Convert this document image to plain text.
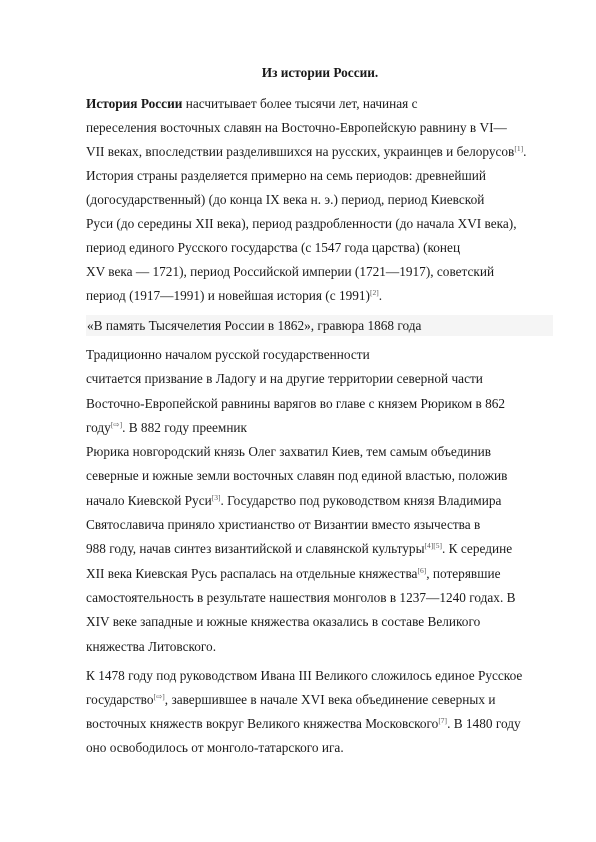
Из истории России.
История России насчитывает более тысячи лет, начиная с
переселения восточных славян на Восточно-Европейскую равнину в VI—
VII веках, впоследствии разделившихся на русских, украинцев и белорусов[1].
История страны разделяется примерно на семь периодов: древнейший
(догосударственный) (до конца IX века н. э.) период, период Киевской
Руси (до середины XII века), период раздробленности (до начала XVI века),
период единого Русского государства (с 1547 года царства) (конец
XV века — 1721), период Российской империи (1721—1917), советский
период (1917—1991) и новейшая история (с 1991)[2].
«В память Тысячелетия России в 1862», гравюра 1868 года
Традиционно началом русской государственности
считается призвание в Ладогу и на другие территории северной части
Восточно-Европейской равнины варягов во главе с князем Рюриком в 862
году[⇨]. В 882 году преемник
Рюрика новгородский князь Олег захватил Киев, тем самым объединив
северные и южные земли восточных славян под единой властью, положив
начало Киевской Руси[3]. Государство под руководством князя Владимира
Святославича приняло христианство от Византии вместо язычества в
988 году, начав синтез византийской и славянской культуры[4][5]. К середине
XII века Киевская Русь распалась на отдельные княжества[6], потерявшие
самостоятельность в результате нашествия монголов в 1237—1240 годах. В
XIV веке западные и южные княжества оказались в составе Великого
княжества Литовского.
К 1478 году под руководством Ивана III Великого сложилось единое Русское
государство[⇨], завершившее в начале XVI века объединение северных и
восточных княжеств вокруг Великого княжества Московского[7]. В 1480 году
оно освободилось от монголо-татарского ига.
